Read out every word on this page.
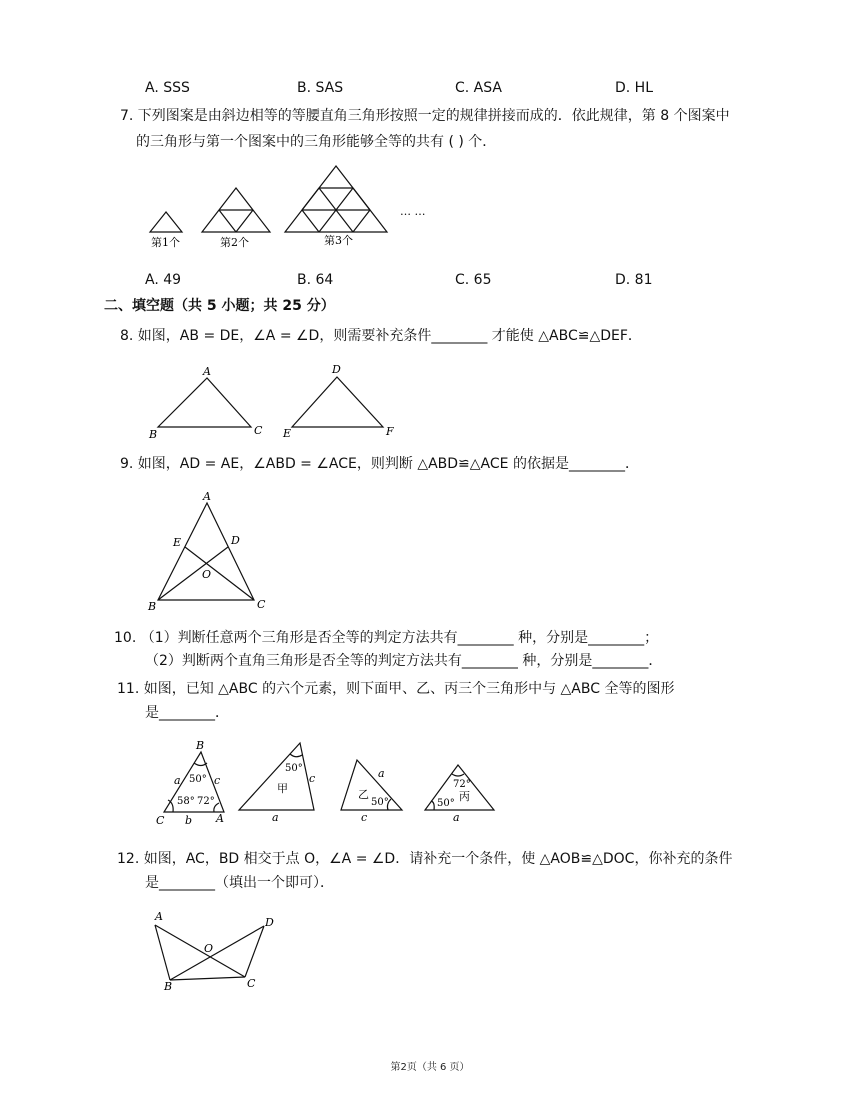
A. SSS	B. SAS	C. ASA	D. HL
7. 下列图案是由斜边相等的等腰直角三角形按照一定的规律拼接而成的．依此规律，第 8 个图案中
的三角形与第一个图案中的三角形能够全等的共有 ( ) 个．
第1个	第2个	第3个
… …
A
B	C
D
E	F
A
E	D
O
B	C
B
C	A
a
b
c
50°
58° 72°
50°
c
甲
a
a
乙
50°
c
72°
丙
50°
a
A	D
O
B	C
A. 49	B. 64	C. 65	D. 81
二、填空题（共 5 小题；共 25 分）
8. 如图，AB = DE，∠A = ∠D，则需要补充条件________ 才能使 △ABC≌△DEF．
9. 如图，AD = AE，∠ABD = ∠ACE，则判断 △ABD≌△ACE 的依据是________．
10. （1）判断任意两个三角形是否全等的判定方法共有________ 种，分别是________；
（2）判断两个直角三角形是否全等的判定方法共有________ 种，分别是________．
11. 如图，已知 △ABC 的六个元素，则下面甲、乙、丙三个三角形中与 △ABC 全等的图形
是________．
12. 如图，AC，BD 相交于点 O，∠A = ∠D．请补充一个条件，使 △AOB≌△DOC，你补充的条件
是________（填出一个即可）．
第2页（共 6 页）
